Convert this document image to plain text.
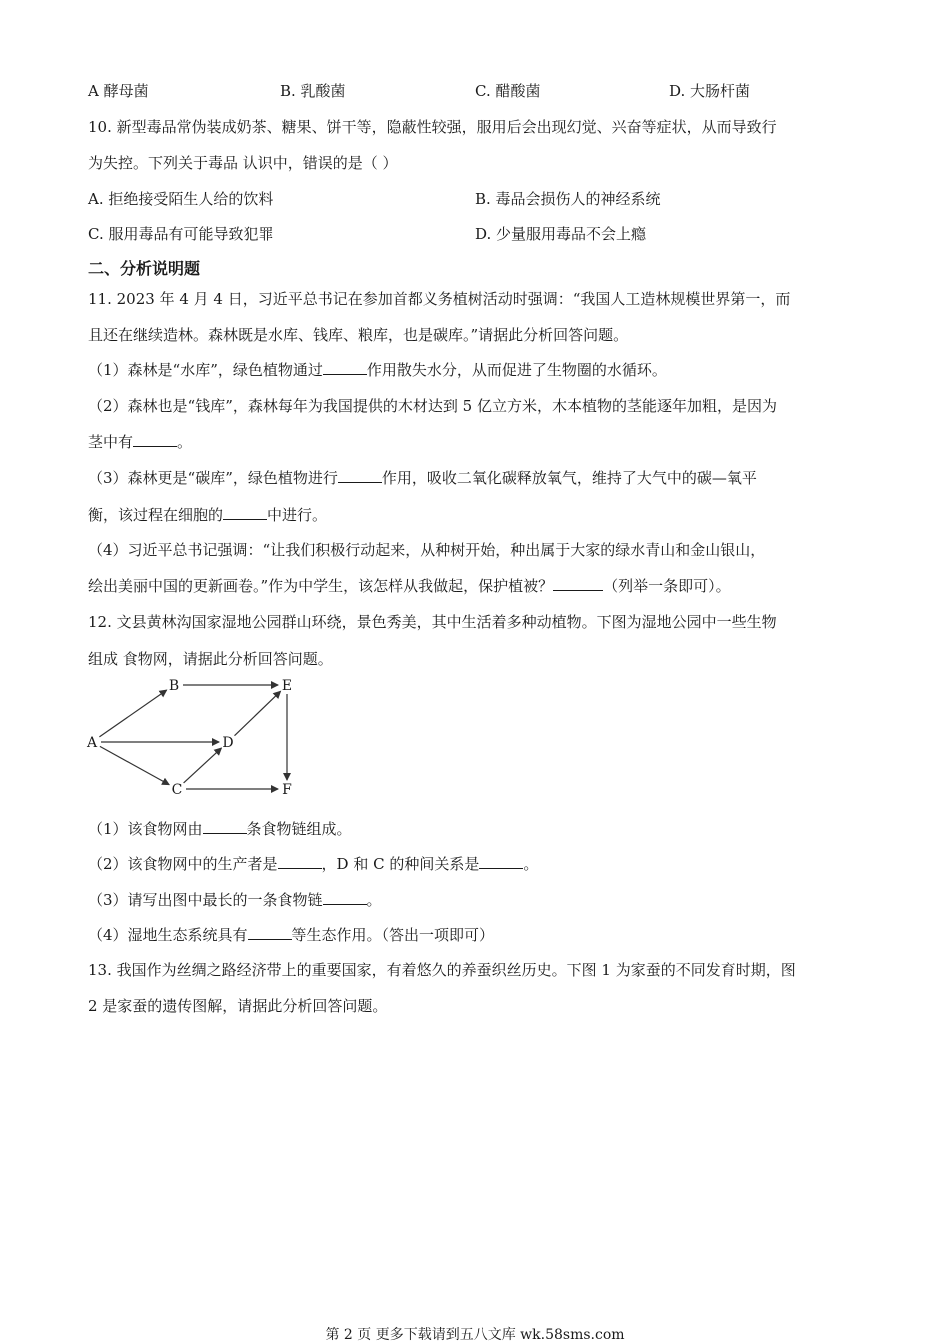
A 酵母菌	B. 乳酸菌	C. 醋酸菌	D. 大肠杆菌
10. 新型毒品常伪装成奶茶、糖果、饼干等，隐蔽性较强，服用后会出现幻觉、兴奋等症状，从而导致行
为失控。下列关于毒品 认识中，错误的是（ ）
A. 拒绝接受陌生人给的饮料	B. 毒品会损伤人的神经系统
C. 服用毒品有可能导致犯罪	D. 少量服用毒品不会上瘾
二、分析说明题
11. 2023 年 4 月 4 日，习近平总书记在参加首都义务植树活动时强调：“我国人工造林规模世界第一，而
且还在继续造林。森林既是水库、钱库、粮库，也是碳库。”请据此分析回答问题。
（1）森林是“水库”，绿色植物通过	作用散失水分，从而促进了生物圈的水循环。
（2）森林也是“钱库”，森林每年为我国提供的木材达到 5 亿立方米，木本植物的茎能逐年加粗，是因为
茎中有	。
（3）森林更是“碳库”，绿色植物进行	作用，吸收二氧化碳释放氧气，维持了大气中的碳—氧平
衡，该过程在细胞的	中进行。
（4）习近平总书记强调：“让我们积极行动起来，从种树开始，种出属于大家的绿水青山和金山银山，
绘出美丽中国的更新画卷。”作为中学生，该怎样从我做起，保护植被？	（列举一条即可）。
12. 文县黄林沟国家湿地公园群山环绕，景色秀美，其中生活着多种动植物。下图为湿地公园中一些生物
组成 食物网，请据此分析回答问题。
A
B
C
D
E
F
（1）该食物网由	条食物链组成。
（2）该食物网中的生产者是	，D 和 C 的种间关系是	。
（3）请写出图中最长的一条食物链	。
（4）湿地生态系统具有	等生态作用。（答出一项即可）
13. 我国作为丝绸之路经济带上的重要国家，有着悠久的养蚕织丝历史。下图 1 为家蚕的不同发育时期，图
2 是家蚕的遗传图解，请据此分析回答问题。
第 2 页 更多下载请到五八文库 wk.58sms.com
